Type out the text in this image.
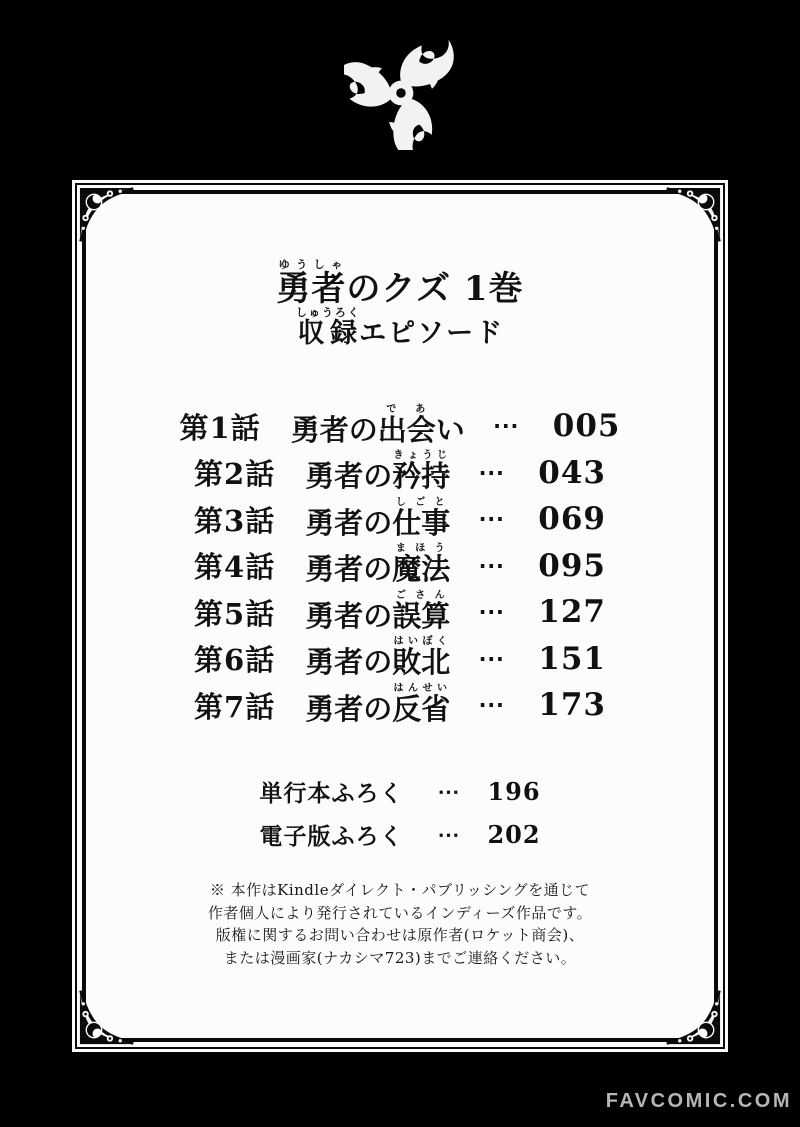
勇者ゆうしゃのクズ 1巻
収録しゅうろくエピソード
第1話 勇者の出会であい ⋯ 005
第2話 勇者の矜持きょうじ
⋯ 043
第3話 勇者の仕事しごと
⋯ 069
第4話 勇者の魔法まほう
⋯ 095
第5話 勇者の誤算ごさん
⋯ 127
第6話 勇者の敗北はいぼく
⋯ 151
第7話 勇者の反省はんせい
⋯ 173
単行本ふろく ⋯ 196
電子版ふろく ⋯ 202
※ 本作はKindleダイレクト・パブリッシングを通じて
作者個人により発行されているインディーズ作品です。
版権に関するお問い合わせは原作者(ロケット商会)、
または漫画家(ナカシマ723)までご連絡ください。
FAVCOMIC.COM
